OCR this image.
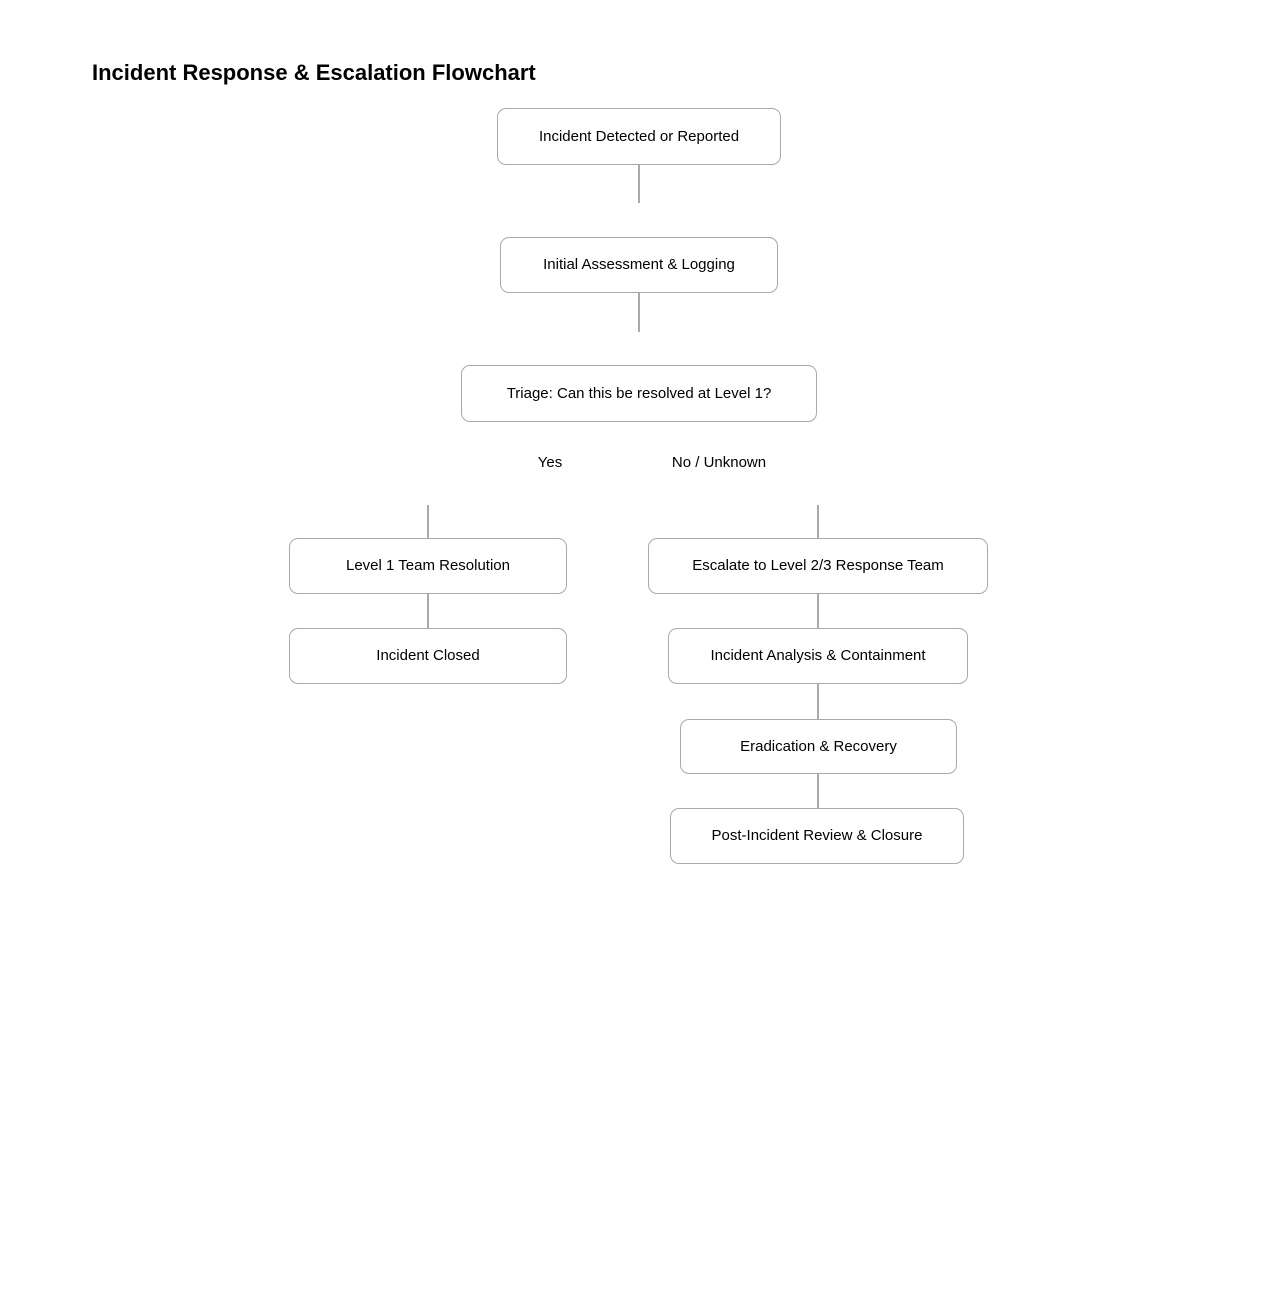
Incident Response & Escalation Flowchart
Incident Detected or Reported
Initial Assessment & Logging
Triage: Can this be resolved at Level 1?
Yes	No / Unknown
Level 1 Team Resolution
Incident Closed
Escalate to Level 2/3 Response Team
Incident Analysis & Containment
Eradication & Recovery
Post-Incident Review & Closure
